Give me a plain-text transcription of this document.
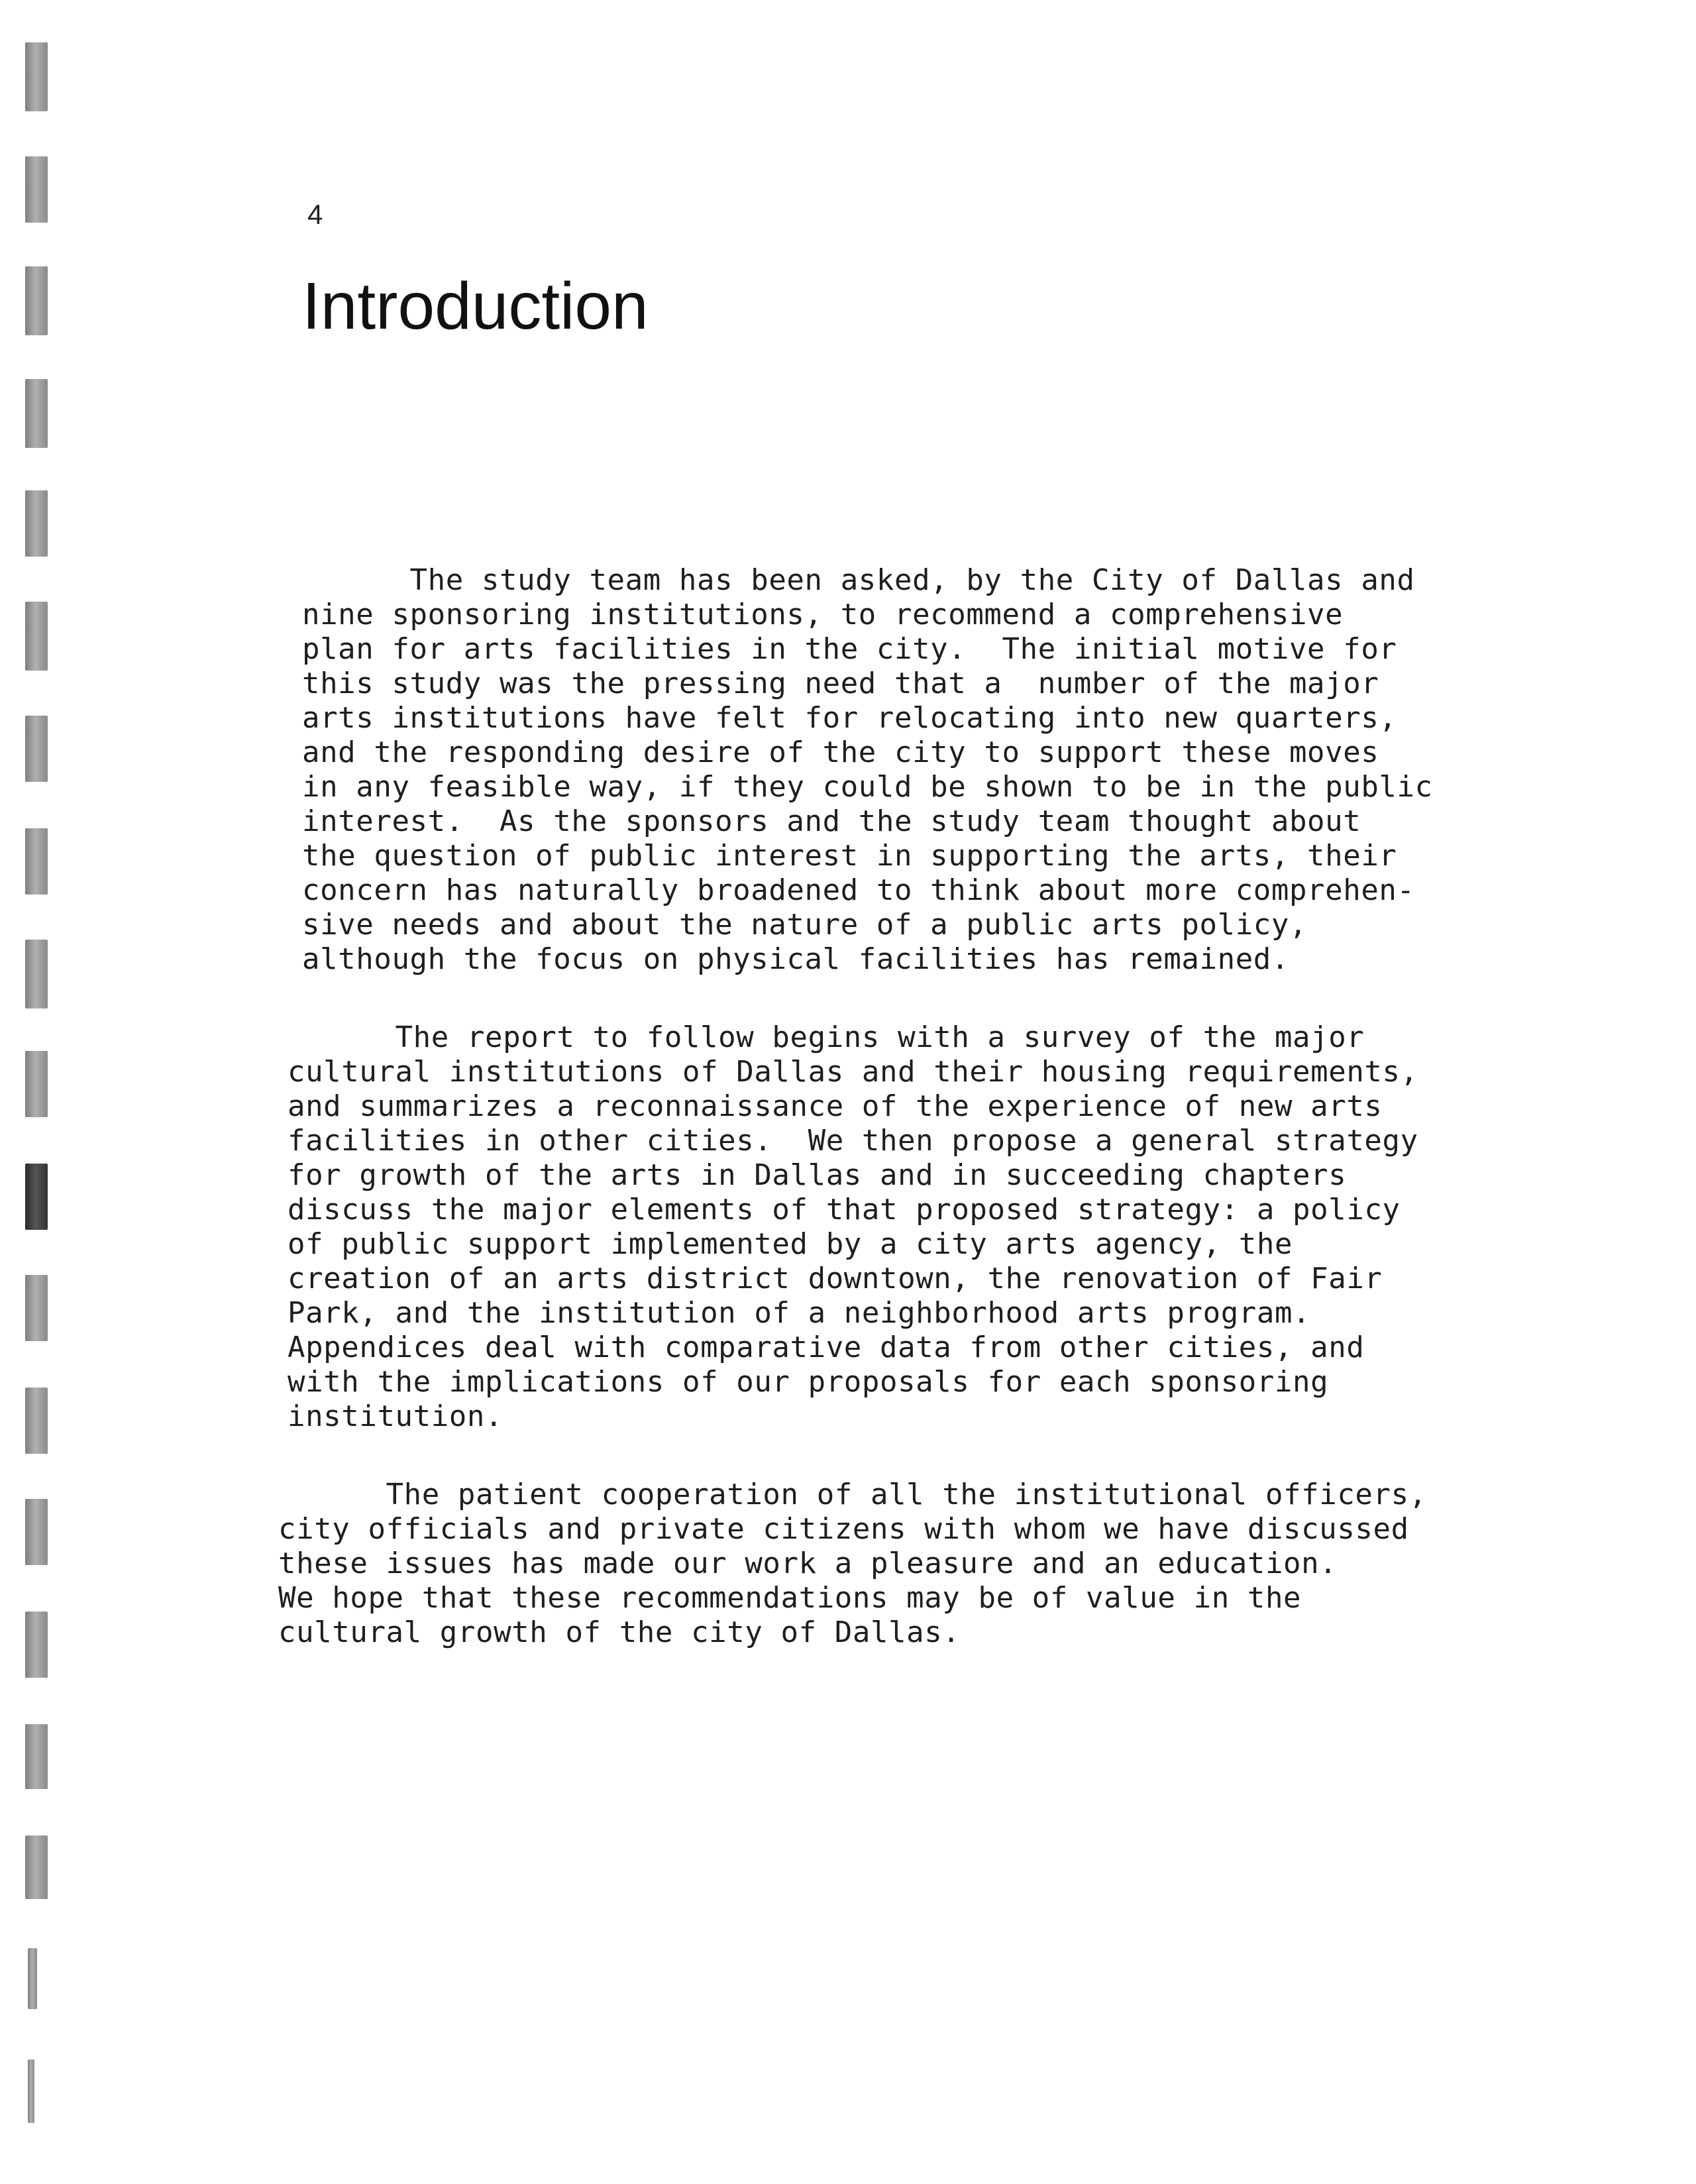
4
Introduction
The study team has been asked, by the City of Dallas and
nine sponsoring institutions, to recommend a comprehensive
plan for arts facilities in the city.  The initial motive for
this study was the pressing need that a  number of the major
arts institutions have felt for relocating into new quarters,
and the responding desire of the city to support these moves
in any feasible way, if they could be shown to be in the public
interest.  As the sponsors and the study team thought about
the question of public interest in supporting the arts, their
concern has naturally broadened to think about more comprehen-
sive needs and about the nature of a public arts policy,
although the focus on physical facilities has remained.
The report to follow begins with a survey of the major
cultural institutions of Dallas and their housing requirements,
and summarizes a reconnaissance of the experience of new arts
facilities in other cities.  We then propose a general strategy
for growth of the arts in Dallas and in succeeding chapters
discuss the major elements of that proposed strategy: a policy
of public support implemented by a city arts agency, the
creation of an arts district downtown, the renovation of Fair
Park, and the institution of a neighborhood arts program.
Appendices deal with comparative data from other cities, and
with the implications of our proposals for each sponsoring
institution.
The patient cooperation of all the institutional officers,
city officials and private citizens with whom we have discussed
these issues has made our work a pleasure and an education.
We hope that these recommendations may be of value in the
cultural growth of the city of Dallas.
